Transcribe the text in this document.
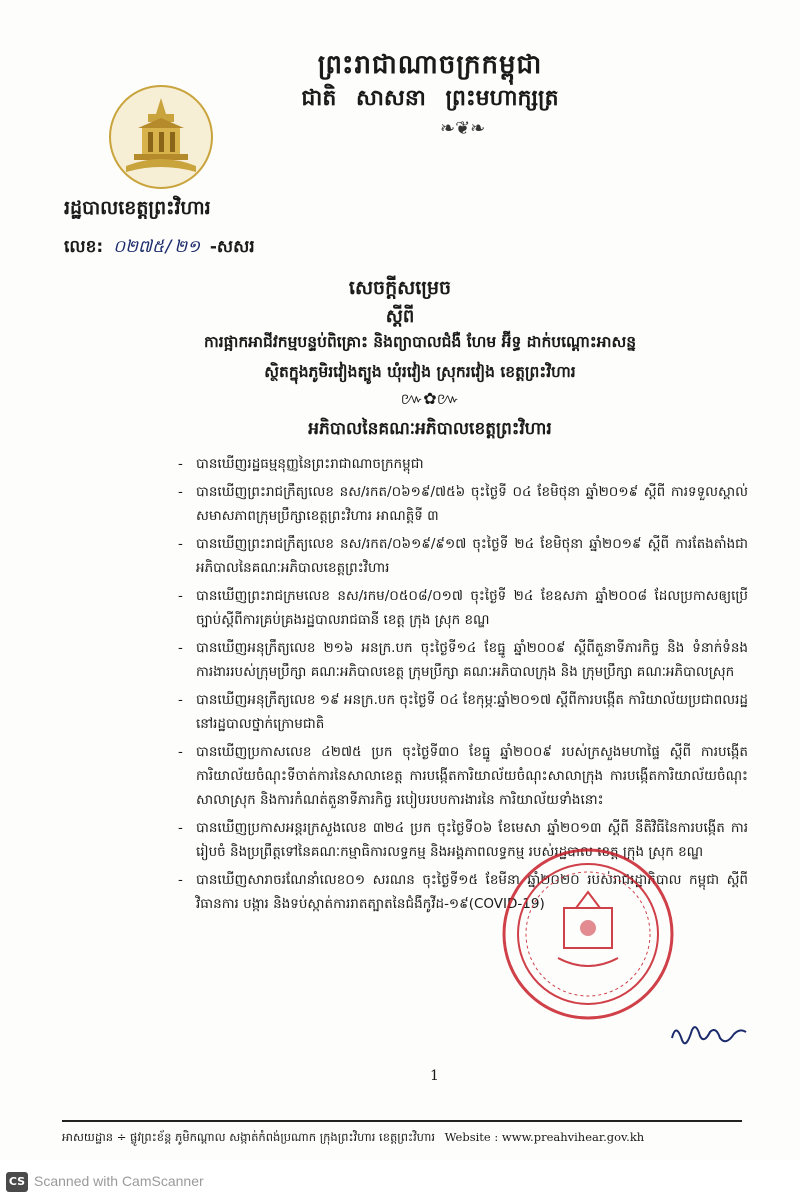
ព្រះរាជាណាចក្រកម្ពុជា
ជាតិ សាសនា ព្រះមហាក្សត្រ
❧❦❧
រដ្ឋបាលខេត្តព្រះវិហារ
លេខ: ០២៧៥/២១ -សសរ
សេចក្ដីសម្រេច
ស្ដីពី
ការផ្អាកអាជីវកម្មបន្ទប់ពិគ្រោះ និងព្យាបាលជំងឺ ហែម អ៊ីទ្ធ ដាក់បណ្ដោះអាសន្ន
ស្ថិតក្នុងភូមិរវៀងត្បូង ឃុំរវៀង ស្រុករវៀង ខេត្តព្រះវិហារ
៚✿៚
អភិបាលនៃគណៈអភិបាលខេត្តព្រះវិហារ
- បានឃើញរដ្ឋធម្មនុញ្ញនៃព្រះរាជាណាចក្រកម្ពុជា
- បានឃើញព្រះរាជក្រឹត្យលេខ នស/រកត/០៦១៩/៧៥៦ ចុះថ្ងៃទី ០៤ ខែមិថុនា ឆ្នាំ២០១៩ ស្ដីពី ការទទួលស្គាល់សមាសភាពក្រុមប្រឹក្សាខេត្តព្រះវិហារ អាណត្តិទី ៣
- បានឃើញព្រះរាជក្រឹត្យលេខ នស/រកត/០៦១៩/៩១៧ ចុះថ្ងៃទី ២៤ ខែមិថុនា ឆ្នាំ២០១៩ ស្ដីពី ការតែងតាំងជាអភិបាលនៃគណៈអភិបាលខេត្តព្រះវិហារ
- បានឃើញព្រះរាជក្រមលេខ នស/រកម/០៥០៨/០១៧ ចុះថ្ងៃទី ២៤ ខែឧសភា ឆ្នាំ២០០៨ ដែលប្រកាសឲ្យប្រើច្បាប់ស្ដីពីការគ្រប់គ្រងរដ្ឋបាលរាជធានី ខេត្ត ក្រុង ស្រុក ខណ្ឌ
- បានឃើញអនុក្រឹត្យលេខ ២១៦ អនក្រ.បក ចុះថ្ងៃទី១៤ ខែធ្នូ ឆ្នាំ២០០៩ ស្ដីពីតួនាទីភារកិច្ច និង ទំនាក់ទំនងការងាររបស់ក្រុមប្រឹក្សា គណៈអភិបាលខេត្ត ក្រុមប្រឹក្សា គណៈអភិបាលក្រុង និង ក្រុមប្រឹក្សា គណៈអភិបាលស្រុក
- បានឃើញអនុក្រឹត្យលេខ ១៩ អនក្រ.បក ចុះថ្ងៃទី ០៤ ខែកុម្ភៈឆ្នាំ២០១៧ ស្ដីពីការបង្កើត ការិយាល័យប្រជាពលរដ្ឋនៅរដ្ឋបាលថ្នាក់ក្រោមជាតិ
- បានឃើញប្រកាសលេខ ៤២៧៥ ប្រក ចុះថ្ងៃទី៣០ ខែធ្នូ ឆ្នាំ២០០៩ របស់ក្រសួងមហាផ្ទៃ ស្ដីពី ការបង្កើតការិយាល័យចំណុះទីចាត់ការនៃសាលាខេត្ត ការបង្កើតការិយាល័យចំណុះសាលាក្រុង ការបង្កើតការិយាល័យចំណុះសាលាស្រុក និងការកំណត់តួនាទីភារកិច្ច របៀបរបបការងារនៃ ការិយាល័យទាំងនោះ
- បានឃើញប្រកាសអន្តរក្រសួងលេខ ៣២៤ ប្រក ចុះថ្ងៃទី០៦ ខែមេសា ឆ្នាំ២០១៣ ស្ដីពី នីតិវិធីនៃការបង្កើត ការរៀបចំ និងប្រព្រឹត្តទៅនៃគណៈកម្មាធិការលទ្ធកម្ម និងអង្គភាពលទ្ធកម្ម របស់រដ្ឋបាល ខេត្ត ក្រុង ស្រុក ខណ្ឌ
- បានឃើញសារាចរណែនាំលេខ០១ សរណន ចុះថ្ងៃទី១៥ ខែមីនា ឆ្នាំ២០២០ របស់រាជរដ្ឋាភិបាល កម្ពុជា ស្ដីពីវិធានការ បង្ការ និងទប់ស្កាត់ការរាតត្បាតនៃជំងឺកូវីដ-១៩(COVID-19)
1
អាសយដ្ឋាន ÷ ផ្លូវព្រះខ័ន្ត ភូមិកណ្ដាល សង្កាត់កំពង់ប្រណាក ក្រុងព្រះវិហារ ខេត្តព្រះវិហារ Website : www.preahvihear.gov.kh
CS Scanned with CamScanner
